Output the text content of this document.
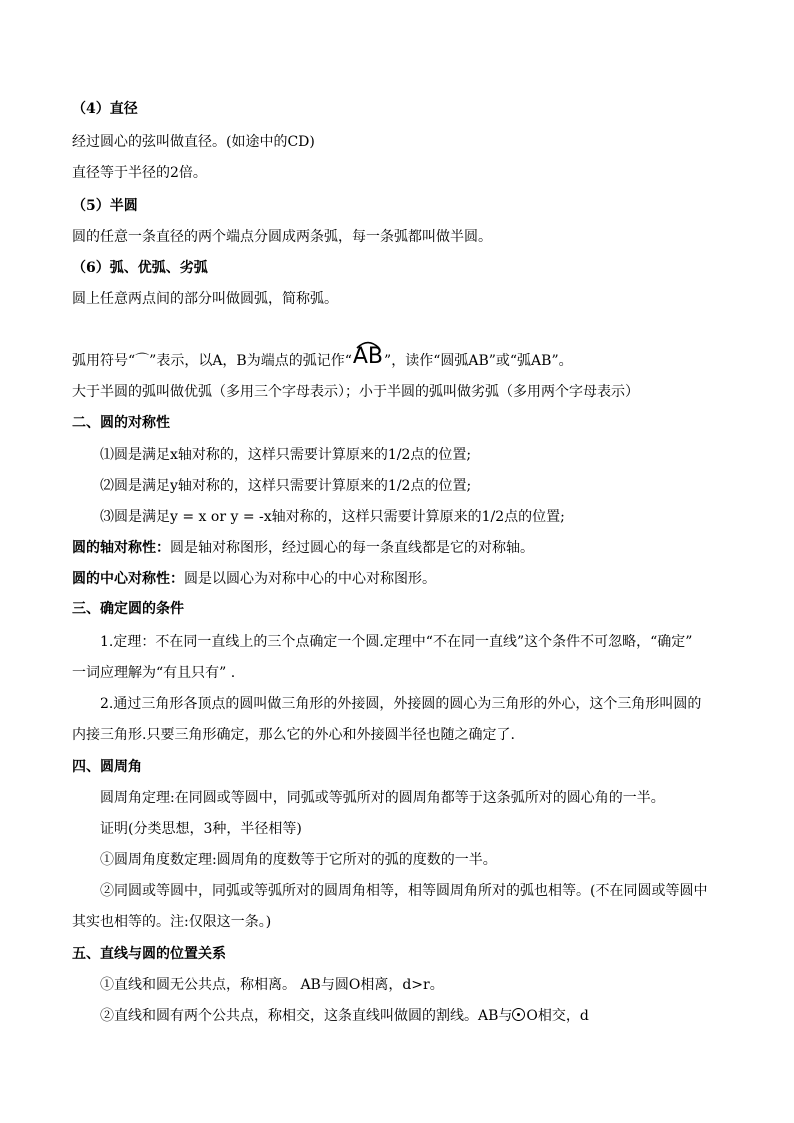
（4）直径
经过圆心的弦叫做直径。(如途中的CD)
直径等于半径的2倍。
（5）半圆
圆的任意一条直径的两个端点分圆成两条弧，每一条弧都叫做半圆。
（6）弧、优弧、劣弧
圆上任意两点间的部分叫做圆弧，简称弧。
弧用符号“⌒”表示，以A，B为端点的弧记作“
AB”，读作“圆弧AB”或“弧AB”。
大于半圆的弧叫做优弧（多用三个字母表示）；小于半圆的弧叫做劣弧（多用两个字母表示）
二、圆的对称性
⑴圆是满足x轴对称的，这样只需要计算原来的1/2点的位置;
⑵圆是满足y轴对称的，这样只需要计算原来的1/2点的位置;
⑶圆是满足y = x or y = -x轴对称的，这样只需要计算原来的1/2点的位置;
圆的轴对称性：圆是轴对称图形，经过圆心的每一条直线都是它的对称轴。
圆的中心对称性：圆是以圆心为对称中心的中心对称图形。
三、确定圆的条件
1.定理：不在同一直线上的三个点确定一个圆.定理中“不在同一直线”这个条件不可忽略，“确定”
一词应理解为“有且只有” .
2.通过三角形各顶点的圆叫做三角形的外接圆，外接圆的圆心为三角形的外心，这个三角形叫圆的
内接三角形.只要三角形确定，那么它的外心和外接圆半径也随之确定了.
四、圆周角
圆周角定理:在同圆或等圆中，同弧或等弧所对的圆周角都等于这条弧所对的圆心角的一半。
证明(分类思想，3种，半径相等)
①圆周角度数定理:圆周角的度数等于它所对的弧的度数的一半。
②同圆或等圆中，同弧或等弧所对的圆周角相等，相等圆周角所对的弧也相等。(不在同圆或等圆中
其实也相等的。注:仅限这一条。)
五、直线与圆的位置关系
①直线和圆无公共点，称相离。 AB与圆O相离，d>r。
②直线和圆有两个公共点，称相交，这条直线叫做圆的割线。AB与 O相交，d
